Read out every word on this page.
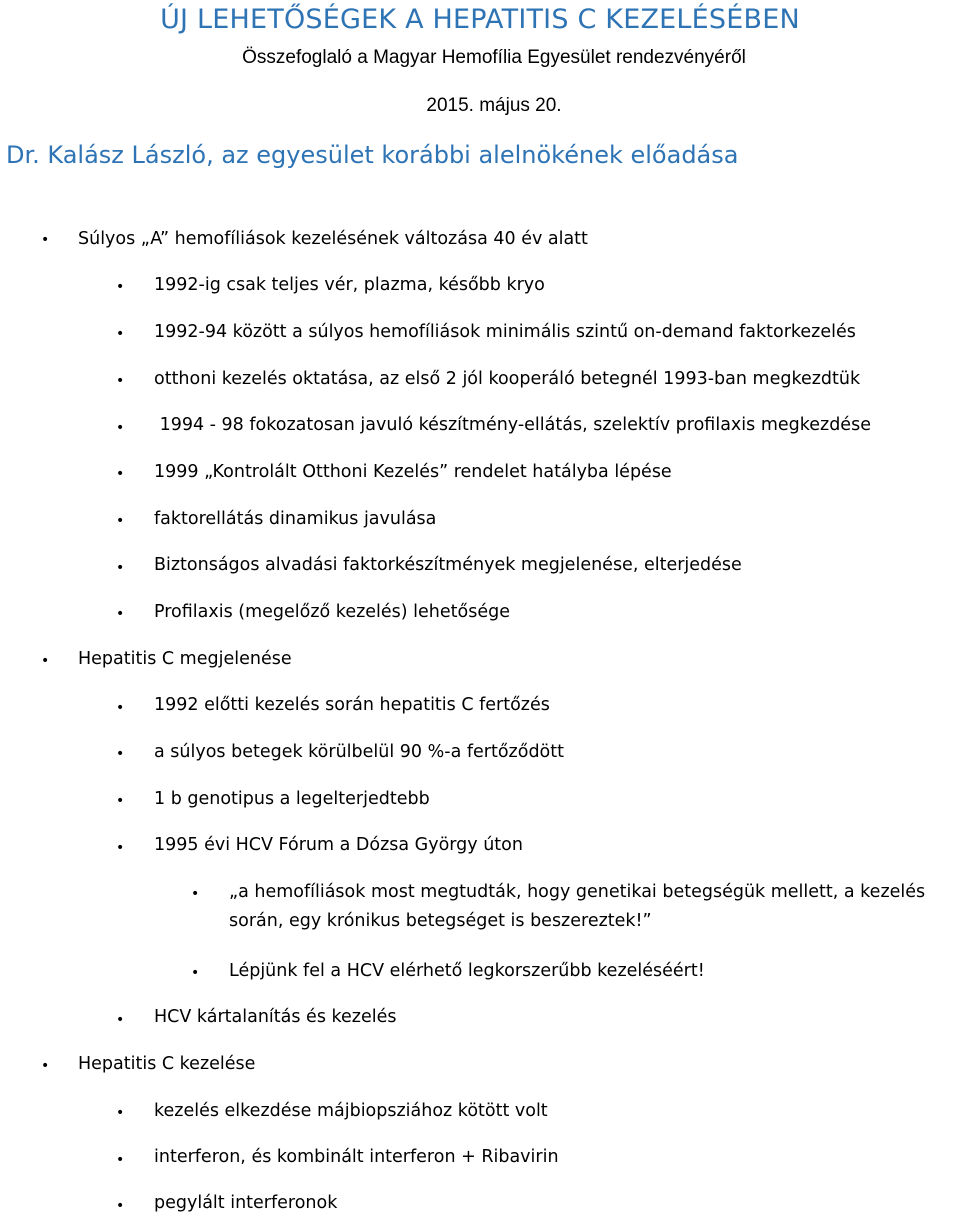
ÚJ LEHETŐSÉGEK A HEPATITIS C KEZELÉSÉBEN
Összefoglaló a Magyar Hemofília Egyesület rendezvényéről
2015. május 20.
Dr. Kalász László, az egyesület korábbi alelnökének előadása
• Súlyos „A” hemofíliások kezelésének változása 40 év alatt
• 1992-ig csak teljes vér, plazma, később kryo
• 1992-94 között a súlyos hemofíliások minimális szintű on-demand faktorkezelés
• otthoni kezelés oktatása, az első 2 jól kooperáló betegnél 1993-ban megkezdtük
• 1994 - 98 fokozatosan javuló készítmény-ellátás, szelektív profilaxis megkezdése
• 1999 „Kontrolált Otthoni Kezelés” rendelet hatályba lépése
• faktorellátás dinamikus javulása
• Biztonságos alvadási faktorkészítmények megjelenése, elterjedése
• Profilaxis (megelőző kezelés) lehetősége
• Hepatitis C megjelenése
• 1992 előtti kezelés során hepatitis C fertőzés
• a súlyos betegek körülbelül 90 %-a fertőződött
• 1 b genotipus a legelterjedtebb
• 1995 évi HCV Fórum a Dózsa György úton
• „a hemofíliások most megtudták, hogy genetikai betegségük mellett, a kezelés során, egy krónikus betegséget is beszereztek!”
• Lépjünk fel a HCV elérhető legkorszerűbb kezeléséért!
• HCV kártalanítás és kezelés
• Hepatitis C kezelése
• kezelés elkezdése májbiopsziához kötött volt
• interferon, és kombinált interferon + Ribavirin
• pegylált interferonok
